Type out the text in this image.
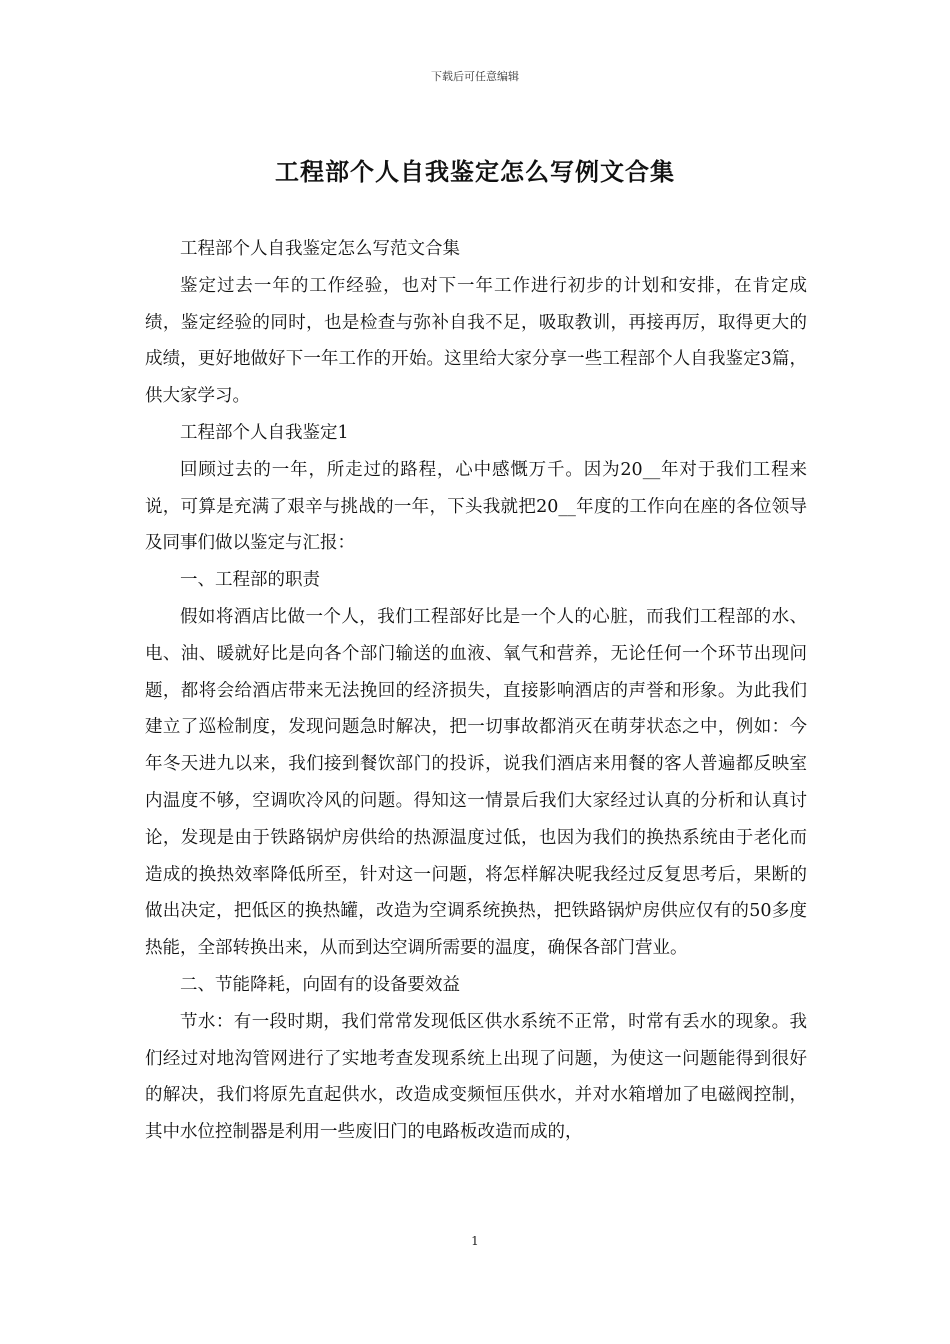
下载后可任意编辑
工程部个人自我鉴定怎么写例文合集

工程部个人自我鉴定怎么写范文合集

鉴定过去一年的工作经验，也对下一年工作进行初步的计划和安排，在肯定成绩，鉴定经验的同时，也是检查与弥补自我不足，吸取教训，再接再厉，取得更大的成绩，更好地做好下一年工作的开始。这里给大家分享一些工程部个人自我鉴定3篇，供大家学习。

工程部个人自我鉴定1

回顾过去的一年，所走过的路程，心中感慨万千。因为20__年对于我们工程来说，可算是充满了艰辛与挑战的一年，下头我就把20__年度的工作向在座的各位领导及同事们做以鉴定与汇报：

一、工程部的职责

假如将酒店比做一个人，我们工程部好比是一个人的心脏，而我们工程部的水、电、油、暖就好比是向各个部门输送的血液、氧气和营养，无论任何一个环节出现问题，都将会给酒店带来无法挽回的经济损失，直接影响酒店的声誉和形象。为此我们建立了巡检制度，发现问题急时解决，把一切事故都消灭在萌芽状态之中，例如：今年冬天进九以来，我们接到餐饮部门的投诉，说我们酒店来用餐的客人普遍都反映室内温度不够，空调吹冷风的问题。得知这一情景后我们大家经过认真的分析和认真讨论，发现是由于铁路锅炉房供给的热源温度过低，也因为我们的换热系统由于老化而造成的换热效率降低所至，针对这一问题，将怎样解决呢我经过反复思考后，果断的做出决定，把低区的换热罐，改造为空调系统换热，把铁路锅炉房供应仅有的50多度热能，全部转换出来，从而到达空调所需要的温度，确保各部门营业。

二、节能降耗，向固有的设备要效益

节水：有一段时期，我们常常发现低区供水系统不正常，时常有丢水的现象。我们经过对地沟管网进行了实地考查发现系统上出现了问题，为使这一问题能得到很好的解决，我们将原先直起供水，改造成变频恒压供水，并对水箱增加了电磁阀控制，其中水位控制器是利用一些废旧门的电路板改造而成的，

1
